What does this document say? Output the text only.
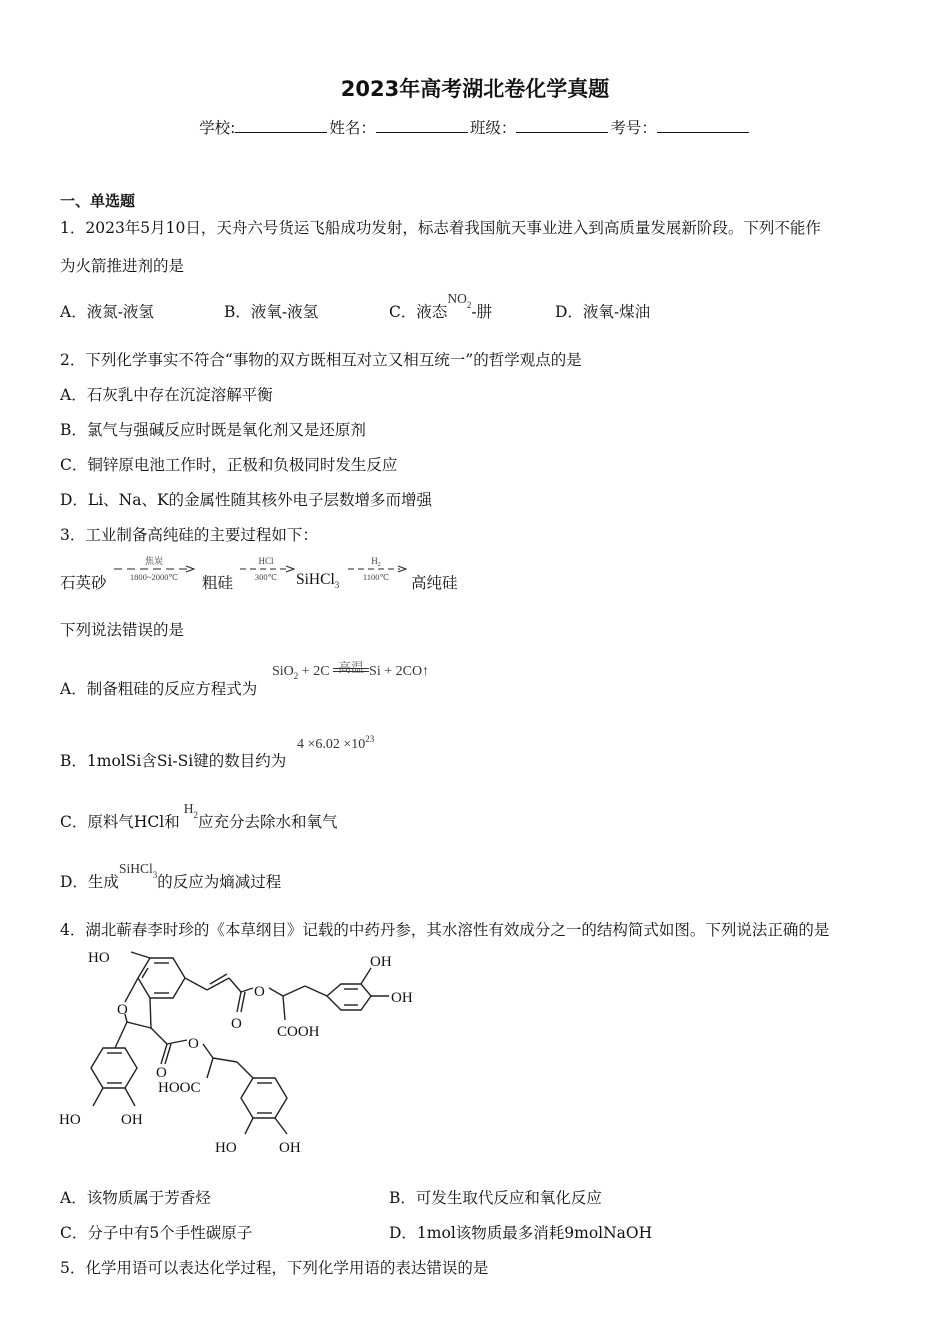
2023年高考湖北卷化学真题
学校:	姓名：	班级：	考号：
一、单选题
1．2023年5月10日，天舟六号货运飞船成功发射，标志着我国航天事业进入到高质量发展新阶段。下列不能作
为火箭推进剂的是
A．液氮-液氢	B．液氧-液氢	C．液态$NO_2-$肼	D．液氧-煤油
2．下列化学事实不符合“事物的双方既相互对立又相互统一”的哲学观点的是
A．石灰乳中存在沉淀溶解平衡
B．氯气与强碱反应时既是氧化剂又是还原剂
C．铜锌原电池工作时，正极和负极同时发生反应
D．Li、Na、K的金属性随其核外电子层数增多而增强
3．工业制备高纯硅的主要过程如下：
石英砂
焦炭
1800~2000℃ 粗硅
HCl
300℃ SiHCl$_3$
$H_2$
1100℃ 高纯硅
下列说法错误的是
A．制备粗硅的反应方程式为
SiO$_2$ + 2C 高温 Si + 2CO↑
B．1molSi含Si-Si键的数目约为
$4 \times 6.02 \times 10^{23}$
C．原料气HCl和$H_2$应充分去除水和氧气
D．生成SiHCl$_3$的反应为熵减过程
4．湖北蕲春李时珍的《本草纲目》记载的中药丹参，其水溶性有效成分之一的结构简式如图。下列说法正确的是
HO	OH
OH
O
O
O COOH
O
O
HOOC
HO	OH
HO	OH
A．该物质属于芳香烃	B．可发生取代反应和氧化反应
C．分子中有5个手性碳原子	D．1mol该物质最多消耗9molNaOH
5．化学用语可以表达化学过程，下列化学用语的表达错误的是
